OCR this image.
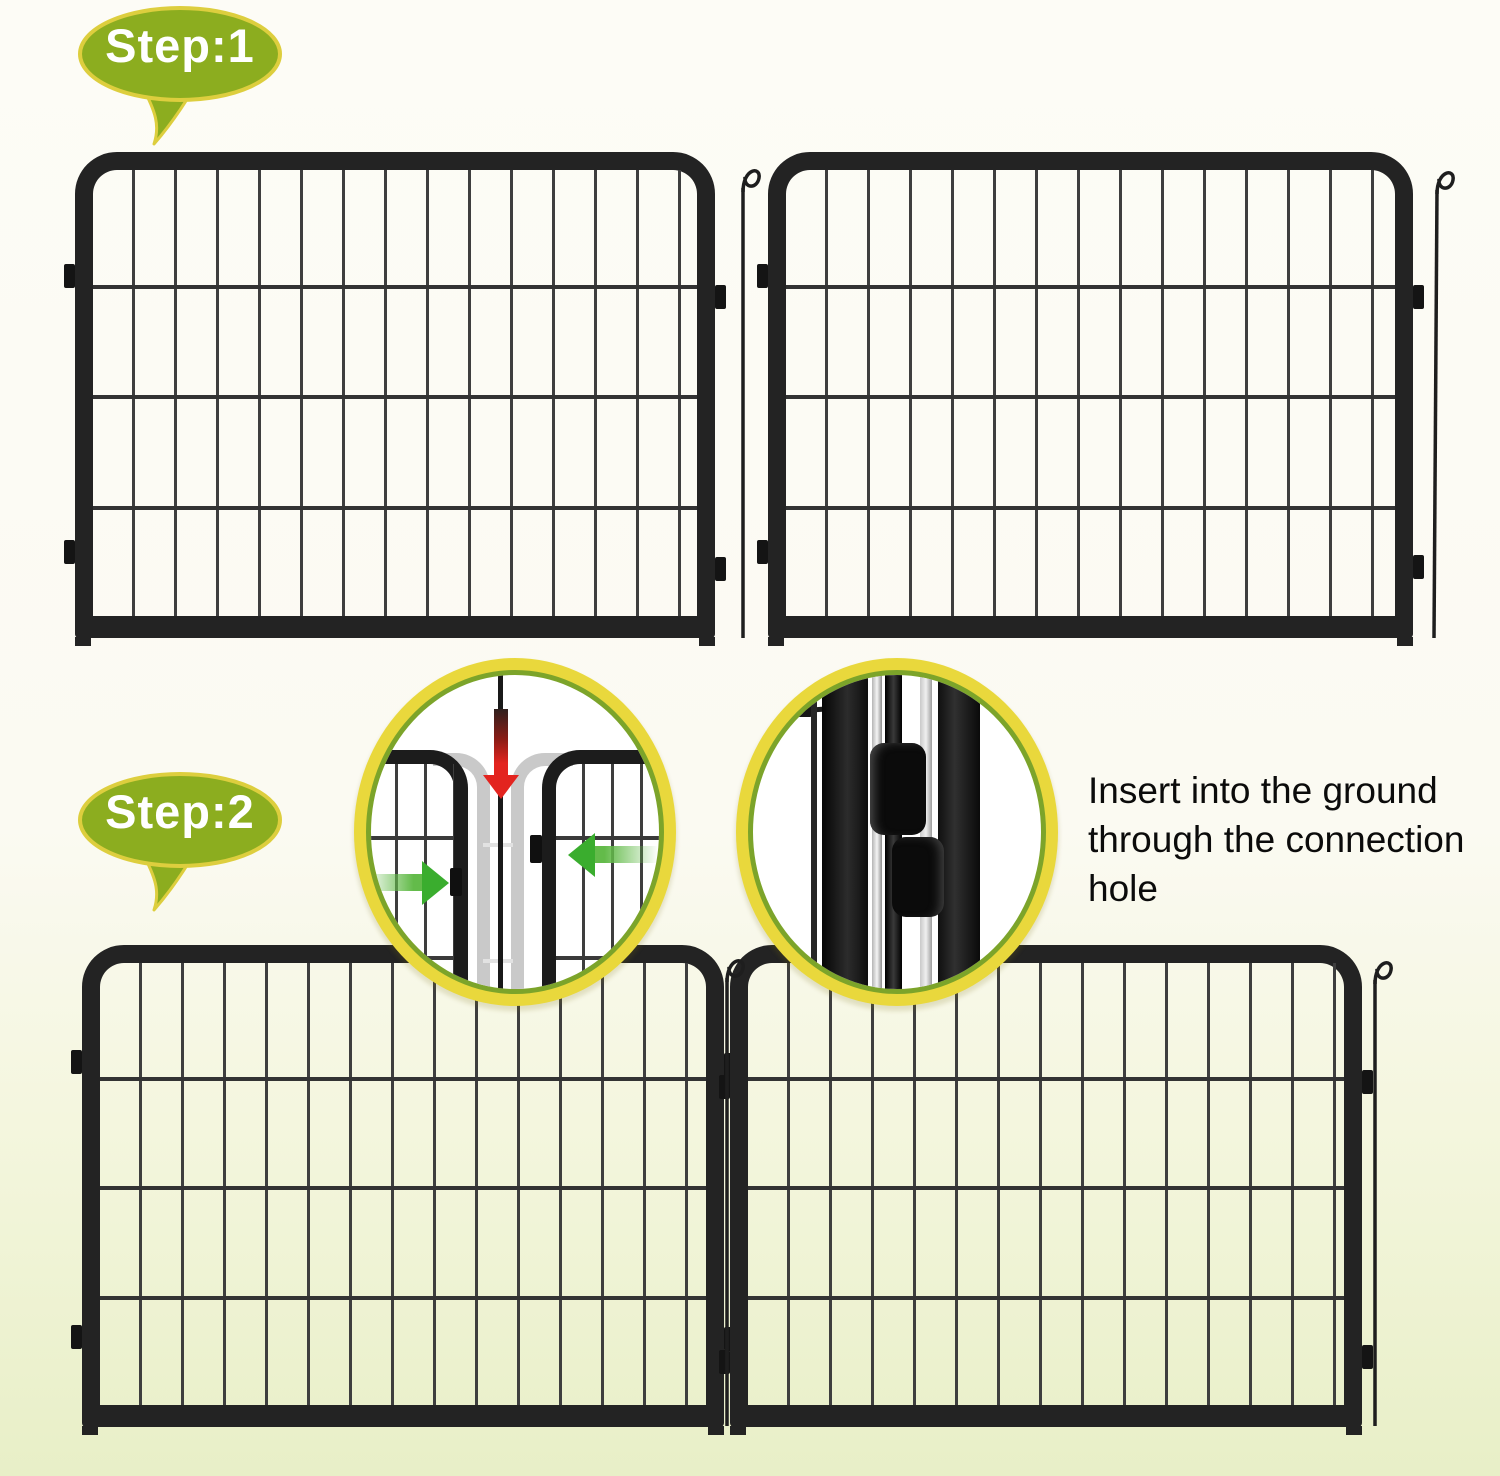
Step:1
Step:2	Insert into the ground through the connection hole
